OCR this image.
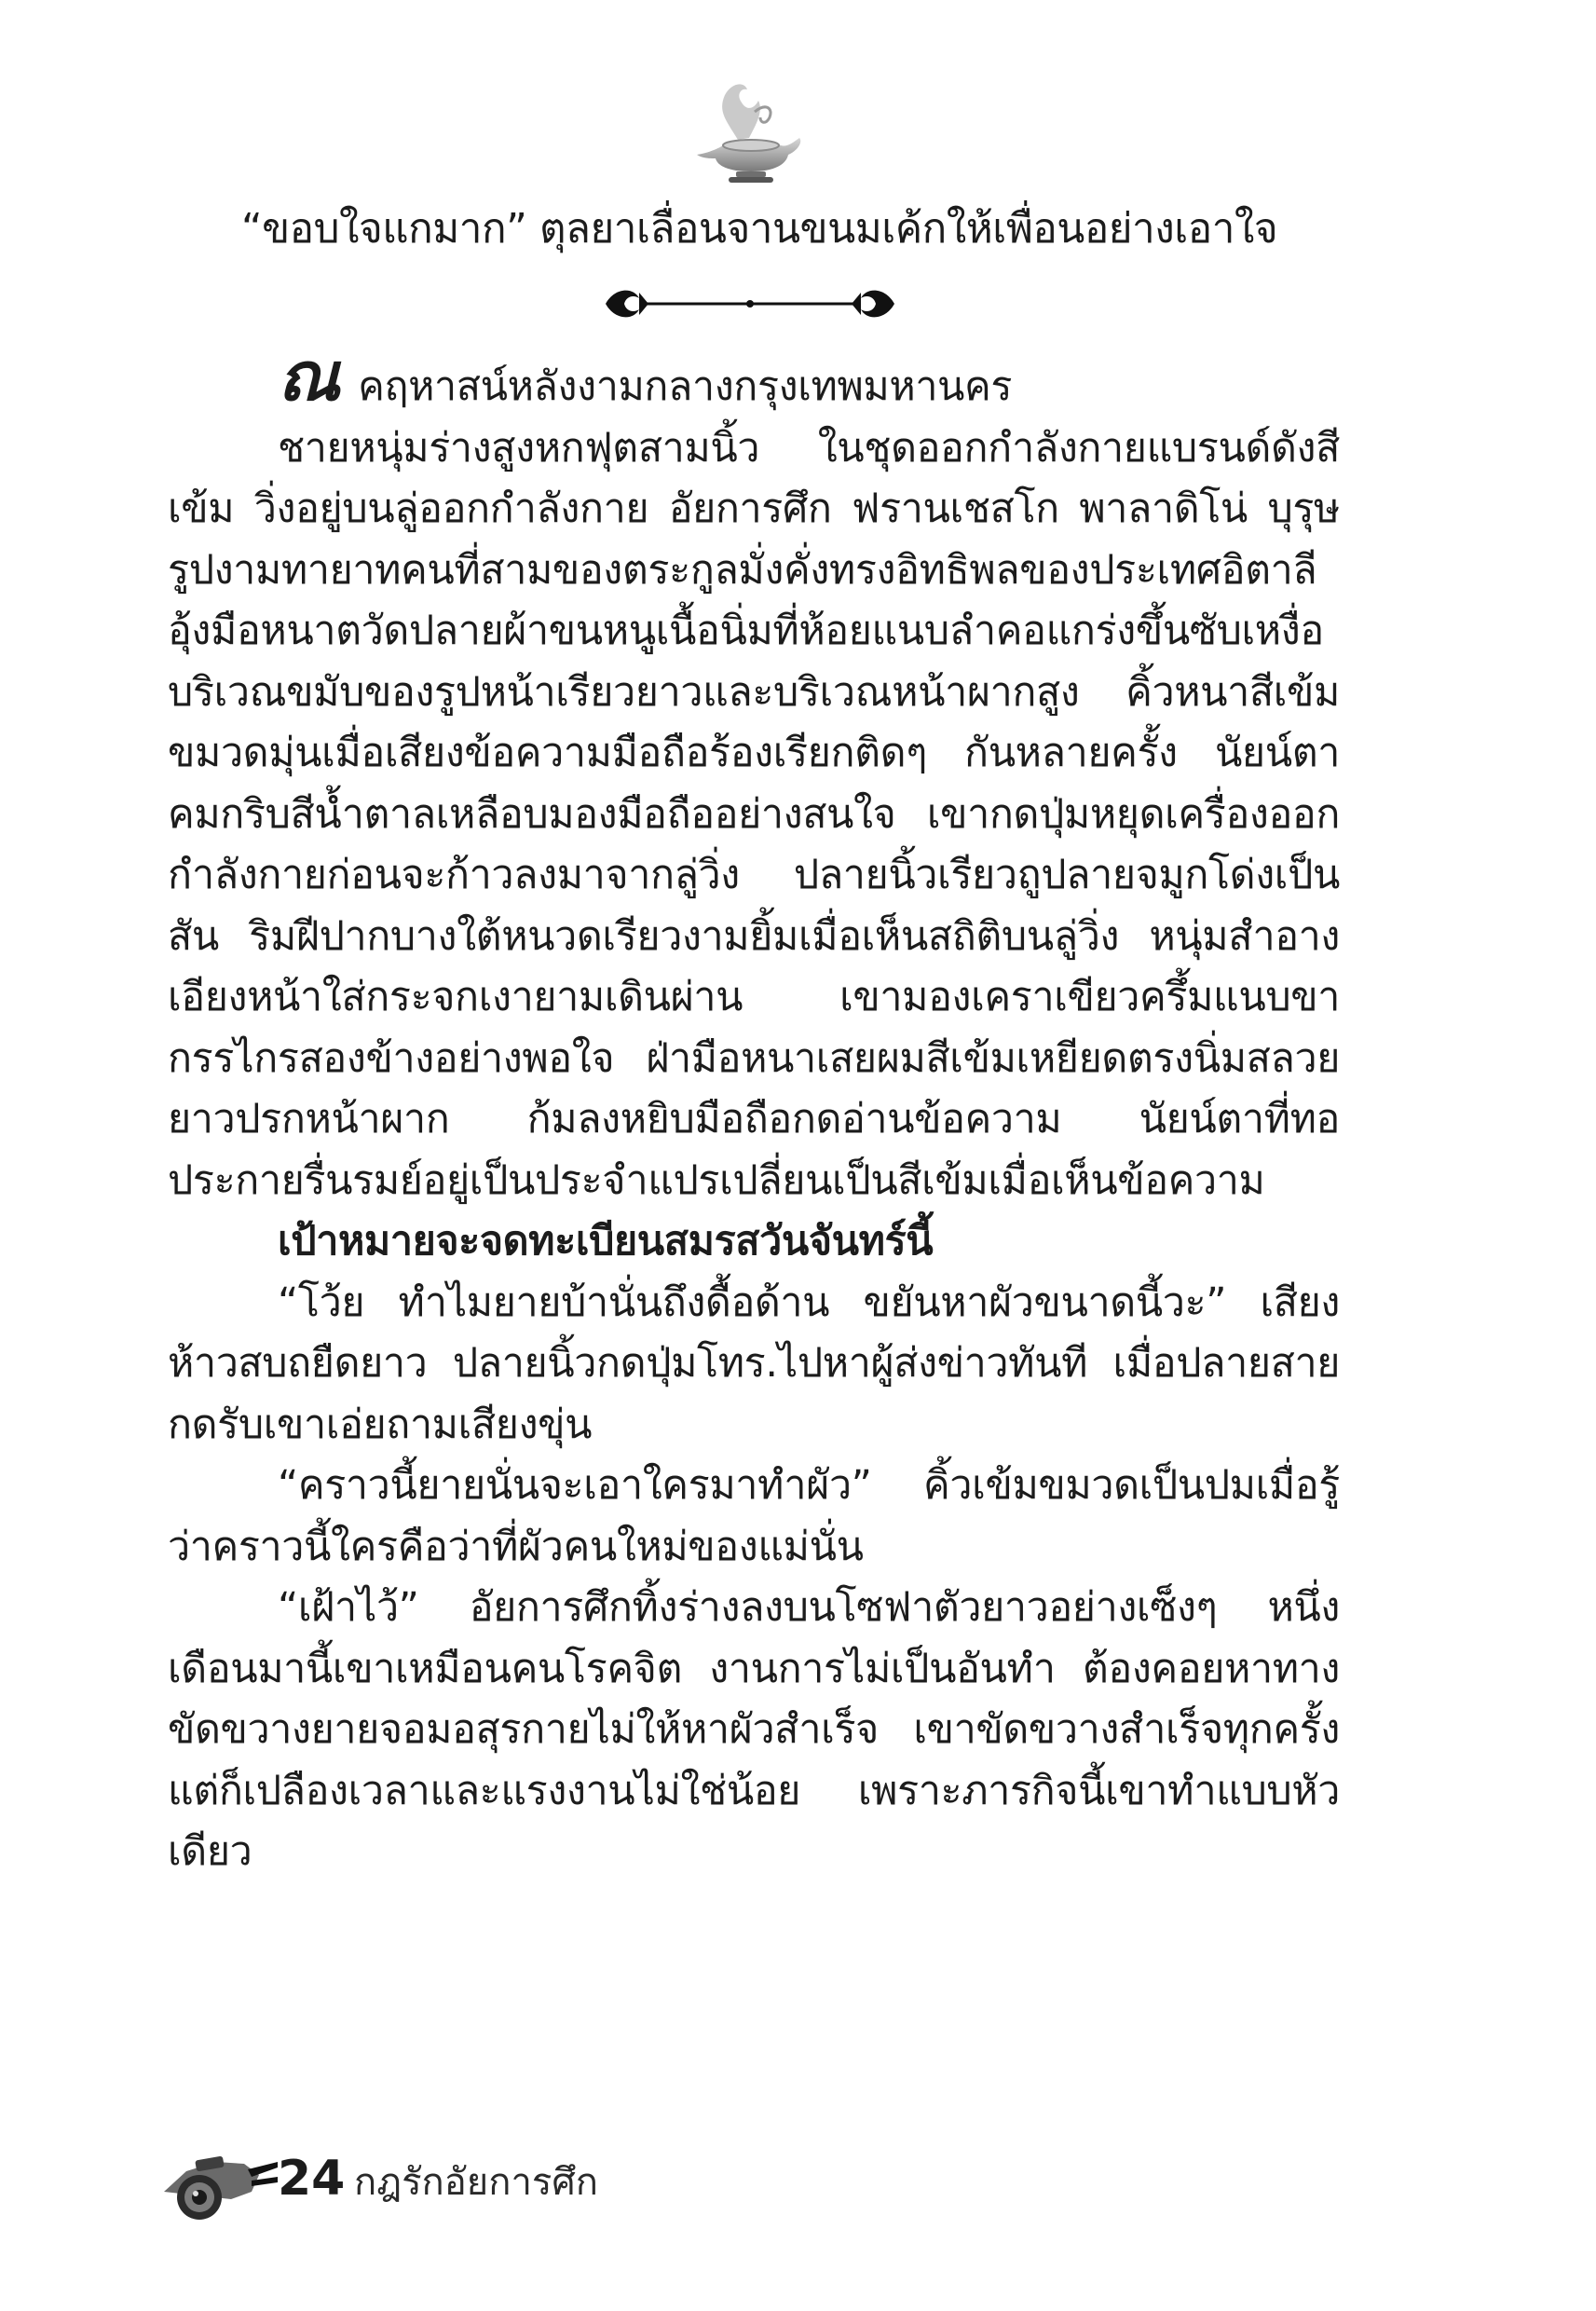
“ขอบใจแกมาก” ตุลยาเลื่อนจานขนมเค้กให้เพื่อนอย่างเอาใจ

ณ คฤหาสน์หลังงามกลางกรุงเทพมหานคร

ชายหนุ่มร่างสูงหกฟุตสามนิ้ว ในชุดออกกำลังกายแบรนด์ดังสีเข้ม วิ่งอยู่บนลู่ออกกำลังกาย อัยการศึก ฟรานเชสโก พาลาดิโน่ บุรุษรูปงามทายาทคนที่สามของตระกูลมั่งคั่งทรงอิทธิพลของประเทศอิตาลี อุ้งมือหนาตวัดปลายผ้าขนหนูเนื้อนิ่มที่ห้อยแนบลำคอแกร่งขึ้นซับเหงื่อบริเวณขมับของรูปหน้าเรียวยาวและบริเวณหน้าผากสูง คิ้วหนาสีเข้มขมวดมุ่นเมื่อเสียงข้อความมือถือร้องเรียกติดๆ กันหลายครั้ง นัยน์ตาคมกริบสีน้ำตาลเหลือบมองมือถืออย่างสนใจ เขากดปุ่มหยุดเครื่องออกกำลังกายก่อนจะก้าวลงมาจากลู่วิ่ง ปลายนิ้วเรียวถูปลายจมูกโด่งเป็นสัน ริมฝีปากบางใต้หนวดเรียวงามยิ้มเมื่อเห็นสถิติบนลู่วิ่ง หนุ่มสำอางเอียงหน้าใส่กระจกเงายามเดินผ่าน เขามองเคราเขียวครึ้มแนบขากรรไกรสองข้างอย่างพอใจ ฝ่ามือหนาเสยผมสีเข้มเหยียดตรงนิ่มสลวยยาวปรกหน้าผาก ก้มลงหยิบมือถือกดอ่านข้อความ นัยน์ตาที่ทอประกายรื่นรมย์อยู่เป็นประจำแปรเปลี่ยนเป็นสีเข้มเมื่อเห็นข้อความ

เป้าหมายจะจดทะเบียนสมรสวันจันทร์นี้

“โว้ย ทำไมยายบ้านั่นถึงดื้อด้าน ขยันหาผัวขนาดนี้วะ” เสียงห้าวสบถยืดยาว ปลายนิ้วกดปุ่มโทร.ไปหาผู้ส่งข่าวทันที เมื่อปลายสายกดรับเขาเอ่ยถามเสียงขุ่น

“คราวนี้ยายนั่นจะเอาใครมาทำผัว” คิ้วเข้มขมวดเป็นปมเมื่อรู้ว่าคราวนี้ใครคือว่าที่ผัวคนใหม่ของแม่นั่น

“เฝ้าไว้” อัยการศึกทิ้งร่างลงบนโซฟาตัวยาวอย่างเซ็งๆ หนึ่งเดือนมานี้เขาเหมือนคนโรคจิต งานการไม่เป็นอันทำ ต้องคอยหาทางขัดขวางยายจอมอสุรกายไม่ให้หาผัวสำเร็จ เขาขัดขวางสำเร็จทุกครั้ง แต่ก็เปลืองเวลาและแรงงานไม่ใช่น้อย เพราะภารกิจนี้เขาทำแบบหัวเดียว

24 กฎรักอัยการศึก
